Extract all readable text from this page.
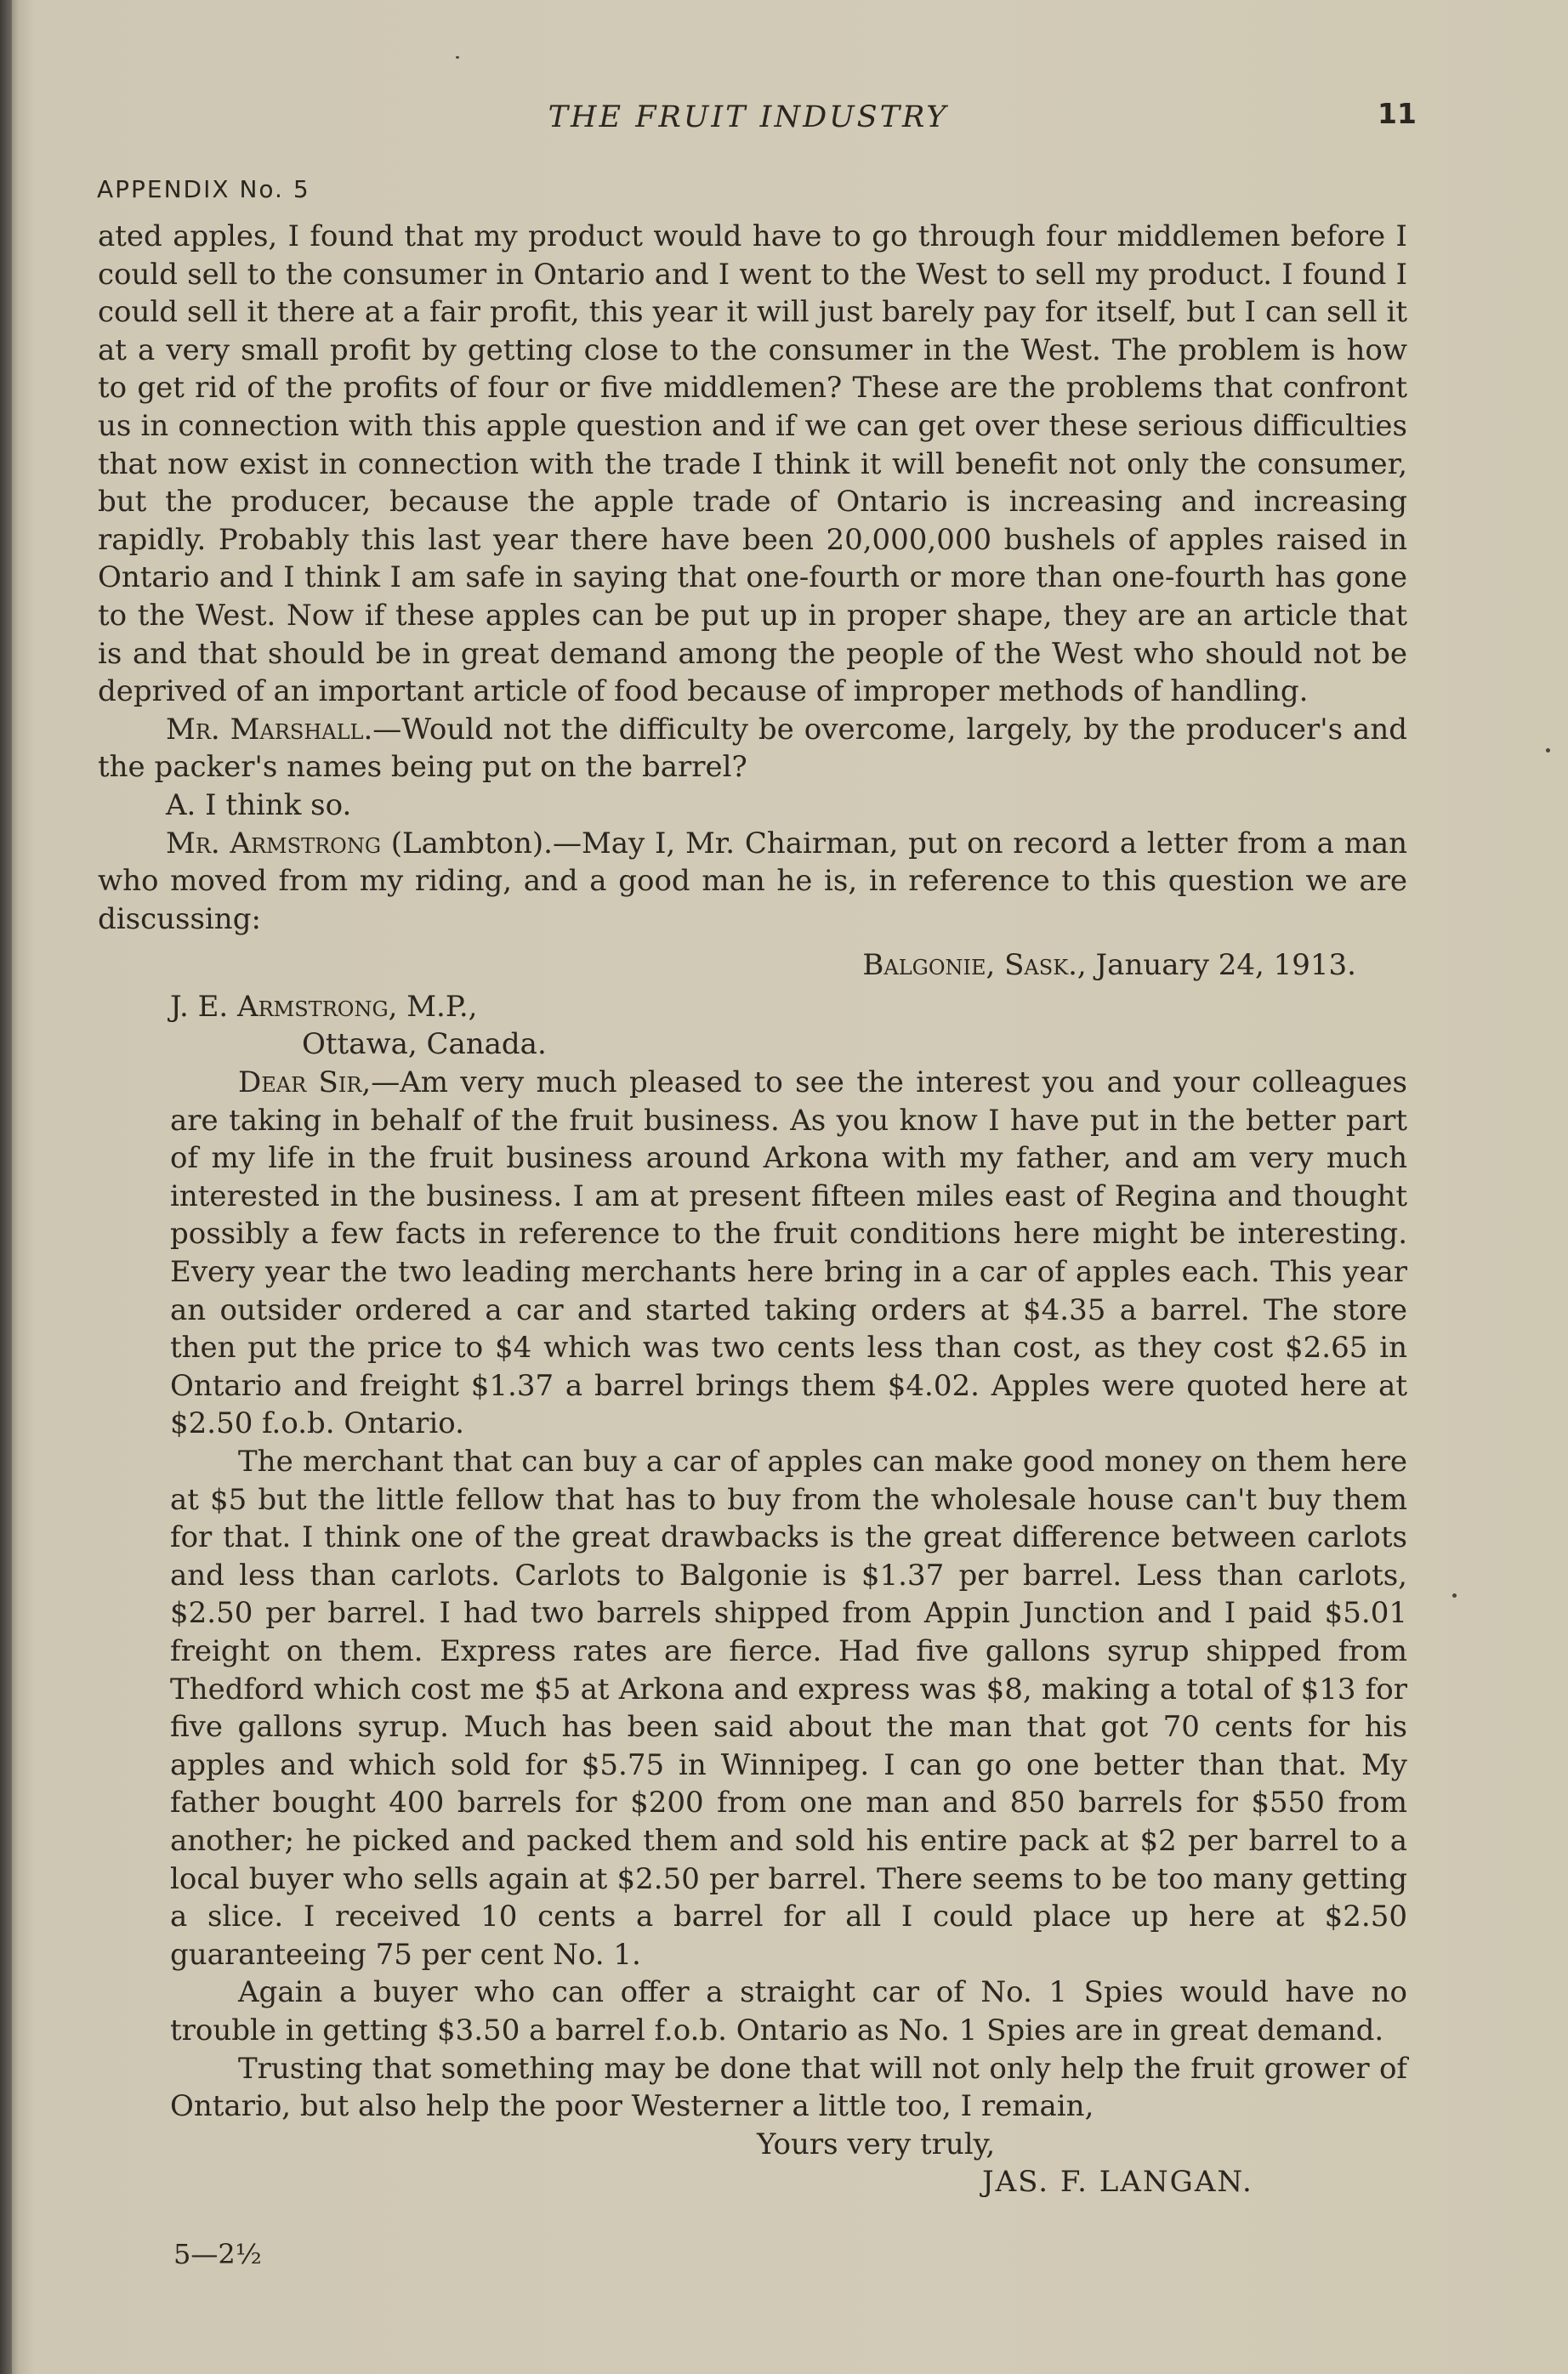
THE FRUIT INDUSTRY	11
APPENDIX No. 5

ated apples, I found that my product would have to go through four middlemen before I could sell to the consumer in Ontario and I went to the West to sell my product. I found I could sell it there at a fair profit, this year it will just barely pay for itself, but I can sell it at a very small profit by getting close to the consumer in the West. The problem is how to get rid of the profits of four or five middlemen? These are the problems that confront us in connection with this apple question and if we can get over these serious difficulties that now exist in connection with the trade I think it will benefit not only the consumer, but the producer, because the apple trade of Ontario is increasing and increasing rapidly. Probably this last year there have been 20,000,000 bushels of apples raised in Ontario and I think I am safe in saying that one-fourth or more than one-fourth has gone to the West. Now if these apples can be put up in proper shape, they are an article that is and that should be in great demand among the people of the West who should not be deprived of an important article of food because of improper methods of handling.

Mr. Marshall.—Would not the difficulty be overcome, largely, by the producer's and the packer's names being put on the barrel?

A. I think so.

Mr. Armstrong (Lambton).—May I, Mr. Chairman, put on record a letter from a man who moved from my riding, and a good man he is, in reference to this question we are discussing:

Balgonie, Sask., January 24, 1913.

J. E. Armstrong, M.P.,

Ottawa, Canada.

Dear Sir,—Am very much pleased to see the interest you and your colleagues are taking in behalf of the fruit business. As you know I have put in the better part of my life in the fruit business around Arkona with my father, and am very much interested in the business. I am at present fifteen miles east of Regina and thought possibly a few facts in reference to the fruit conditions here might be interesting. Every year the two leading merchants here bring in a car of apples each. This year an outsider ordered a car and started taking orders at $4.35 a barrel. The store then put the price to $4 which was two cents less than cost, as they cost $2.65 in Ontario and freight $1.37 a barrel brings them $4.02. Apples were quoted here at $2.50 f.o.b. Ontario.

The merchant that can buy a car of apples can make good money on them here at $5 but the little fellow that has to buy from the wholesale house can't buy them for that. I think one of the great drawbacks is the great difference between carlots and less than carlots. Carlots to Balgonie is $1.37 per barrel. Less than carlots, $2.50 per barrel. I had two barrels shipped from Appin Junction and I paid $5.01 freight on them. Express rates are fierce. Had five gallons syrup shipped from Thedford which cost me $5 at Arkona and express was $8, making a total of $13 for five gallons syrup. Much has been said about the man that got 70 cents for his apples and which sold for $5.75 in Winnipeg. I can go one better than that. My father bought 400 barrels for $200 from one man and 850 barrels for $550 from another; he picked and packed them and sold his entire pack at $2 per barrel to a local buyer who sells again at $2.50 per barrel. There seems to be too many getting a slice. I received 10 cents a barrel for all I could place up here at $2.50 guaranteeing 75 per cent No. 1.

Again a buyer who can offer a straight car of No. 1 Spies would have no trouble in getting $3.50 a barrel f.o.b. Ontario as No. 1 Spies are in great demand.

Trusting that something may be done that will not only help the fruit grower of Ontario, but also help the poor Westerner a little too, I remain,

Yours very truly,

JAS. F. LANGAN.

5—2½
